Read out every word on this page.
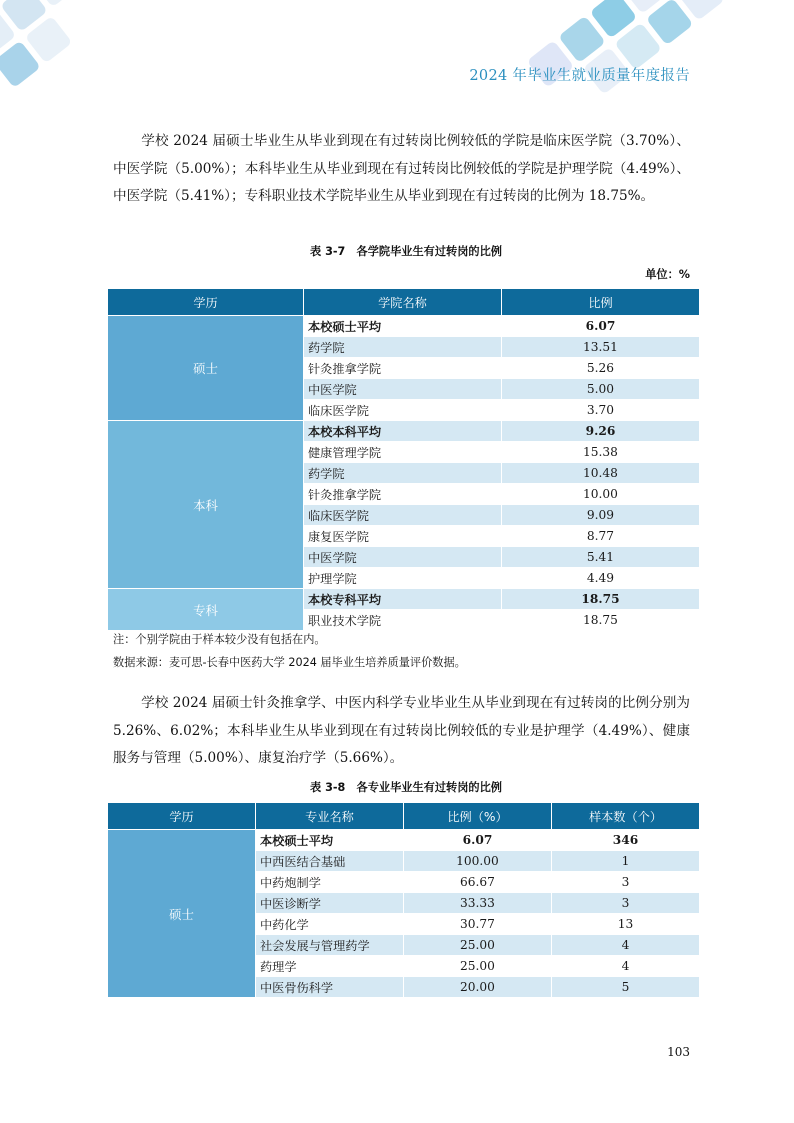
2024 年毕业生就业质量年度报告
学校 2024 届硕士毕业生从毕业到现在有过转岗比例较低的学院是临床医学院（3.70%）、中医学院（5.00%）；本科毕业生从毕业到现在有过转岗比例较低的学院是护理学院（4.49%）、中医学院（5.41%）；专科职业技术学院毕业生从毕业到现在有过转岗的比例为 18.75%。
表 3-7　各学院毕业生有过转岗的比例
单位：%
学历	学院名称	比例
硕士	本校硕士平均	6.07
	药学院	13.51
	针灸推拿学院	5.26
	中医学院	5.00
	临床医学院	3.70
本科	本校本科平均	9.26
	健康管理学院	15.38
	药学院	10.48
	针灸推拿学院	10.00
	临床医学院	9.09
	康复医学院	8.77
	中医学院	5.41
	护理学院	4.49
专科	本校专科平均	18.75
	职业技术学院	18.75
注：个别学院由于样本较少没有包括在内。
数据来源：麦可思-长春中医药大学 2024 届毕业生培养质量评价数据。
学校 2024 届硕士针灸推拿学、中医内科学专业毕业生从毕业到现在有过转岗的比例分别为 5.26%、6.02%；本科毕业生从毕业到现在有过转岗比例较低的专业是护理学（4.49%）、健康服务与管理（5.00%）、康复治疗学（5.66%）。
表 3-8　各专业毕业生有过转岗的比例
学历	专业名称	比例（%）	样本数（个）
硕士	本校硕士平均	6.07	346
	中西医结合基础	100.00	1
	中药炮制学	66.67	3
	中医诊断学	33.33	3
	中药化学	30.77	13
	社会发展与管理药学	25.00	4
	药理学	25.00	4
	中医骨伤科学	20.00	5
103
